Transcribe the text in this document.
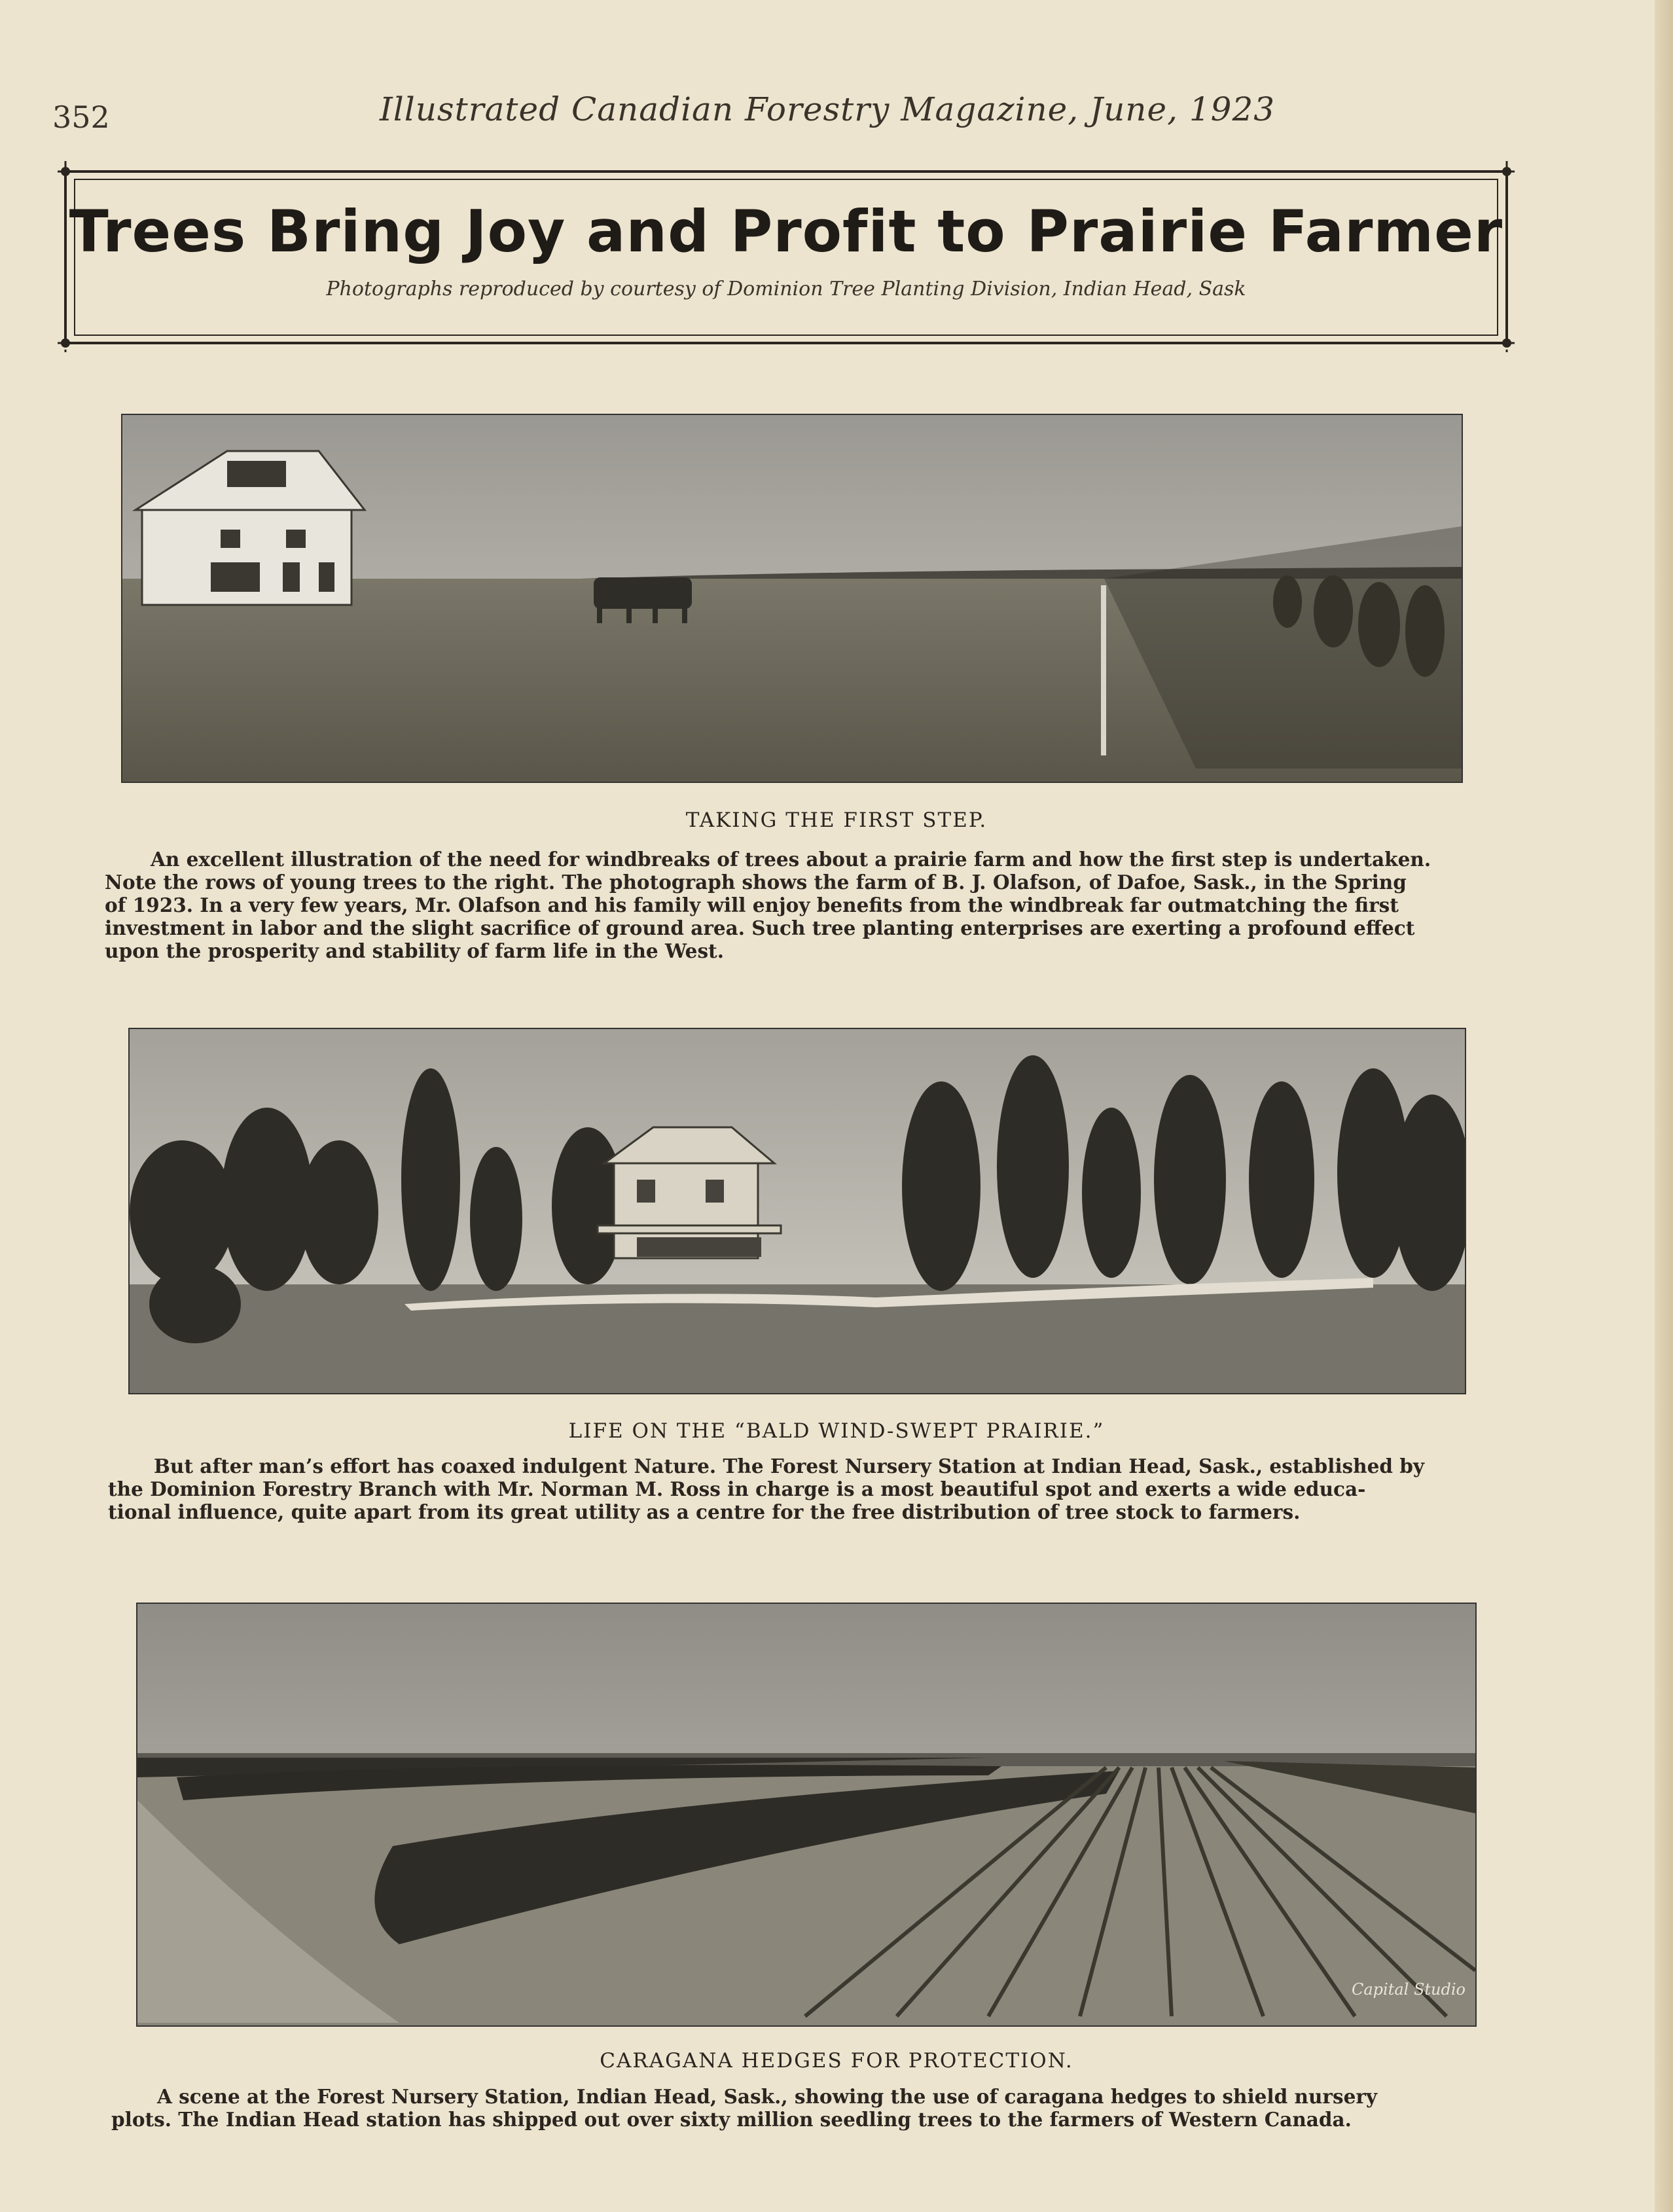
352	Illustrated Canadian Forestry Magazine, June, 1923
Trees Bring Joy and Profit to Prairie Farmer
Photographs reproduced by courtesy of Dominion Tree Planting Division, Indian Head, Sask
TAKING THE FIRST STEP.
An excellent illustration of the need for windbreaks of trees about a prairie farm and how the first step is undertaken.
Note the rows of young trees to the right. The photograph shows the farm of B. J. Olafson, of Dafoe, Sask., in the Spring
of 1923. In a very few years, Mr. Olafson and his family will enjoy benefits from the windbreak far outmatching the first
investment in labor and the slight sacrifice of ground area. Such tree planting enterprises are exerting a profound effect
upon the prosperity and stability of farm life in the West.
LIFE ON THE “BALD WIND-SWEPT PRAIRIE.”
But after man’s effort has coaxed indulgent Nature. The Forest Nursery Station at Indian Head, Sask., established by
the Dominion Forestry Branch with Mr. Norman M. Ross in charge is a most beautiful spot and exerts a wide educa-
tional influence, quite apart from its great utility as a centre for the free distribution of tree stock to farmers.
Capital Studio
CARAGANA HEDGES FOR PROTECTION.
A scene at the Forest Nursery Station, Indian Head, Sask., showing the use of caragana hedges to shield nursery
plots. The Indian Head station has shipped out over sixty million seedling trees to the farmers of Western Canada.
